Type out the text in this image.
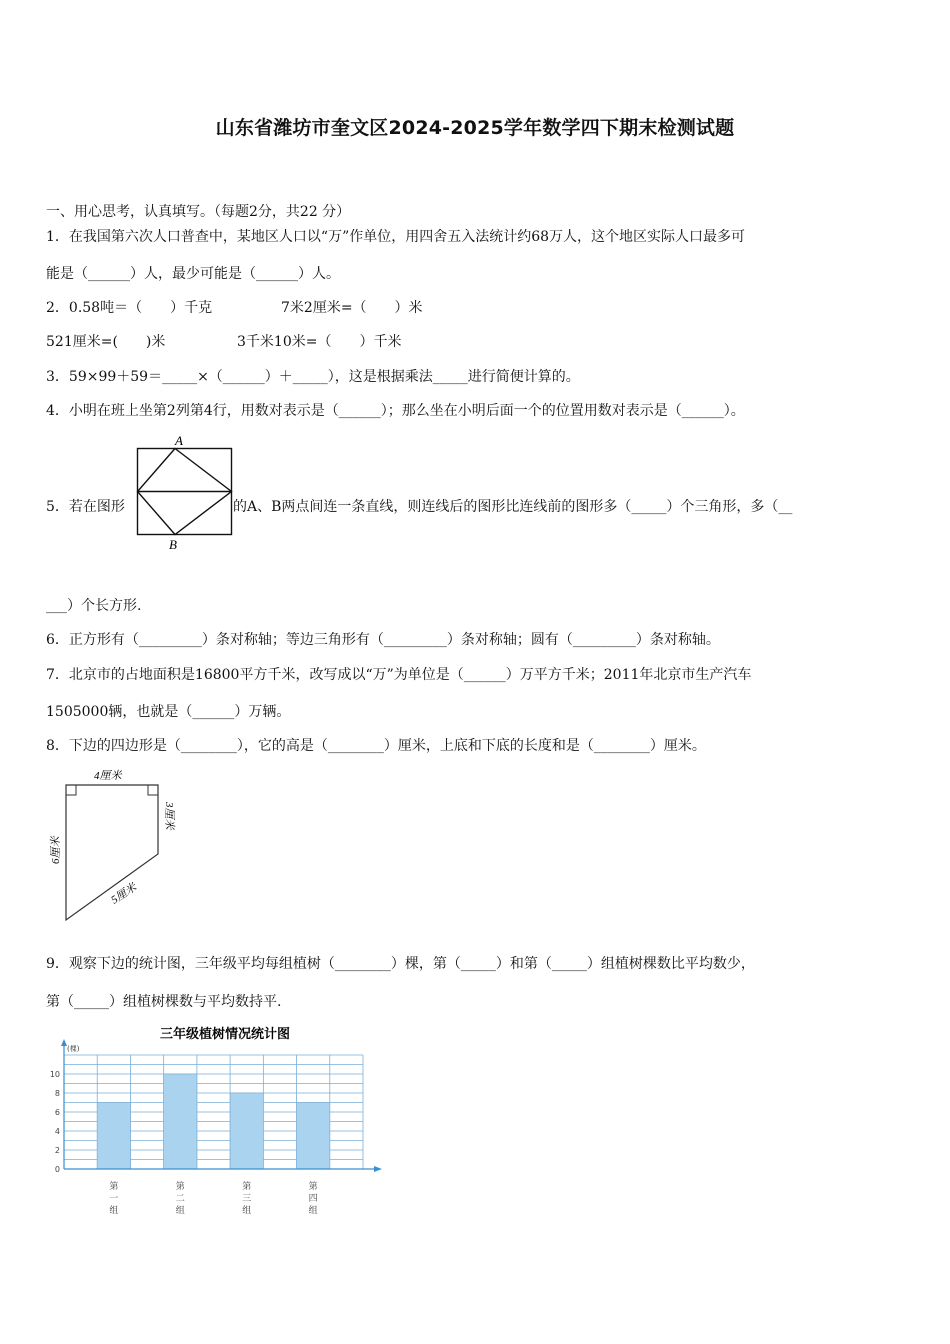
山东省潍坊市奎文区2024-2025学年数学四下期末检测试题
一、用心思考，认真填写。（每题2分，共22 分）
1．在我国第六次人口普查中，某地区人口以“万”作单位，用四舍五入法统计约68万人，这个地区实际人口最多可
能是（______）人，最少可能是（______）人。
2．0.58吨＝（　　）千克	7米2厘米=（　　）米
521厘米=(　　)米	3千米10米=（　　）千米
3．59×99＋59＝_____×（______）＋_____），这是根据乘法_____进行简便计算的。
4．小明在班上坐第2列第4行，用数对表示是（______）；那么坐在小明后面一个的位置用数对表示是（______）。
5．若在图形
A
B
的A、B两点间连一条直线，则连线后的图形比连线前的图形多（_____）个三角形，多（__
___）个长方形.
6．正方形有（_________）条对称轴；等边三角形有（_________）条对称轴；圆有（_________）条对称轴。
7．北京市的占地面积是16800平方千米，改写成以“万”为单位是（______）万平方千米；2011年北京市生产汽车
1505000辆，也就是（______）万辆。
8．下边的四边形是（________），它的高是（________）厘米，上底和下底的长度和是（________）厘米。
4厘米
3厘米
6厘米
5厘米
9．观察下边的统计图，三年级平均每组植树（________）棵，第（_____）和第（_____）组植树棵数比平均数少，
第（_____）组植树棵数与平均数持平.
三年级植树情况统计图
(棵)
0
2
4
6
8
10
第
一
组
第
二
组
第
三
组
第
四
组
